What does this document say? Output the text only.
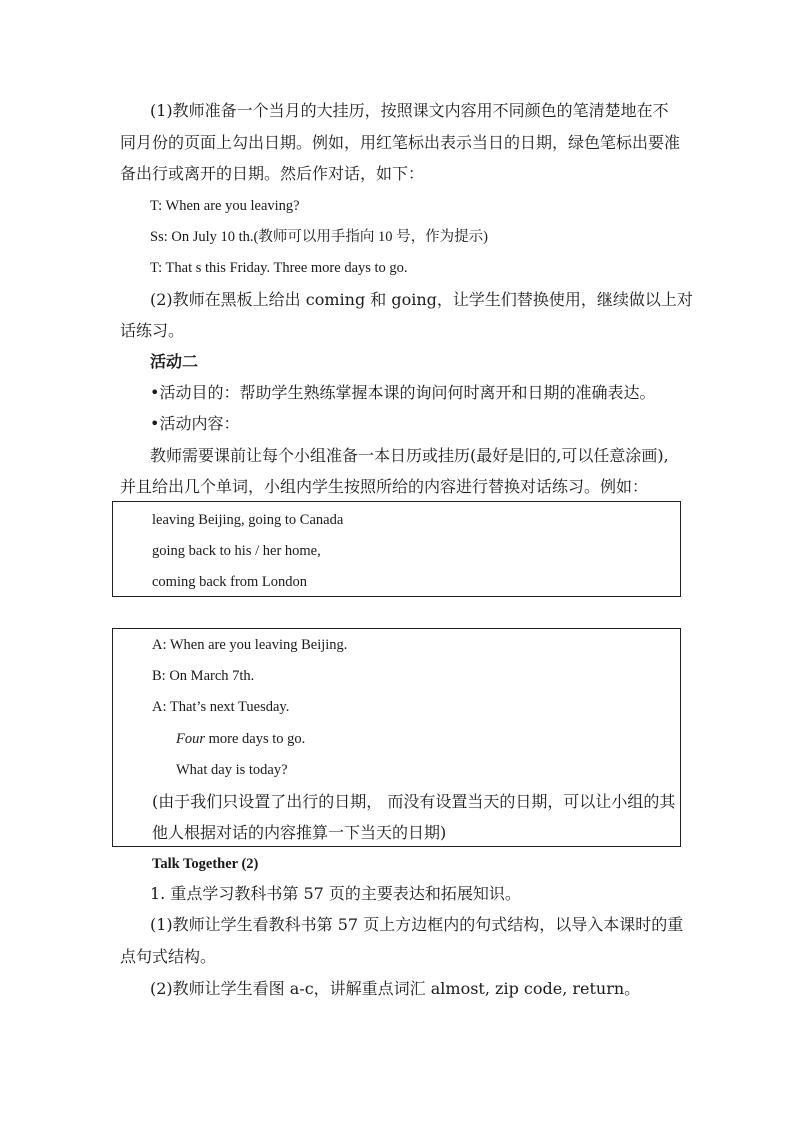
(1)教师准备一个当月的大挂历，按照课文内容用不同颜色的笔清楚地在不
同月份的页面上勾出日期。例如，用红笔标出表示当日的日期，绿色笔标出要准
备出行或离开的日期。然后作对话，如下：
T: When are you leaving?
Ss: On July 10 th.(教师可以用手指向 10 号，作为提示)
T: That s this Friday. Three more days to go.
(2)教师在黑板上给出 coming 和 going，让学生们替换使用，继续做以上对
话练习。
活动二
•活动目的：帮助学生熟练掌握本课的询问何时离开和日期的准确表达。
•活动内容：
教师需要课前让每个小组准备一本日历或挂历(最好是旧的,可以任意涂画),
并且给出几个单词，小组内学生按照所给的内容进行替换对话练习。例如：
leaving Beijing, going to Canada
going back to his / her home,
coming back from London
A: When are you leaving Beijing.
B: On March 7th.
A: That’s next Tuesday.
Four more days to go.
What day is today?
(由于我们只设置了出行的日期， 而没有设置当天的日期，可以让小组的其
他人根据对话的内容推算一下当天的日期)
Talk Together (2)
1. 重点学习教科书第 57 页的主要表达和拓展知识。
(1)教师让学生看教科书第 57 页上方边框内的句式结构，以导入本课时的重
点句式结构。
(2)教师让学生看图 a-c，讲解重点词汇 almost, zip code, return。
